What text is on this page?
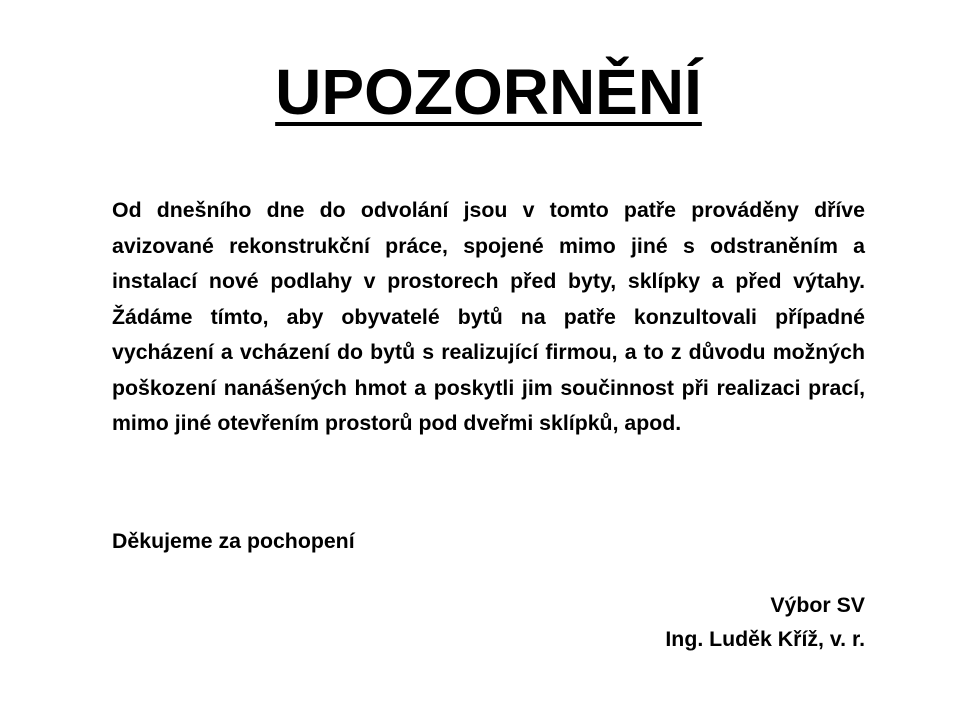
UPOZORNĚNÍ
Od dnešního dne do odvolání jsou v tomto patře prováděny dříve avizované rekonstrukční práce, spojené mimo jiné s odstraněním a instalací nové podlahy v prostorech před byty, sklípky a před výtahy. Žádáme tímto, aby obyvatelé bytů na patře konzultovali případné vycházení a vcházení do bytů s realizující firmou, a to z důvodu možných poškození nanášených hmot a poskytli jim součinnost při realizaci prací, mimo jiné otevřením prostorů pod dveřmi sklípků, apod.
Děkujeme za pochopení
Výbor SV
Ing. Luděk Kříž, v. r.
